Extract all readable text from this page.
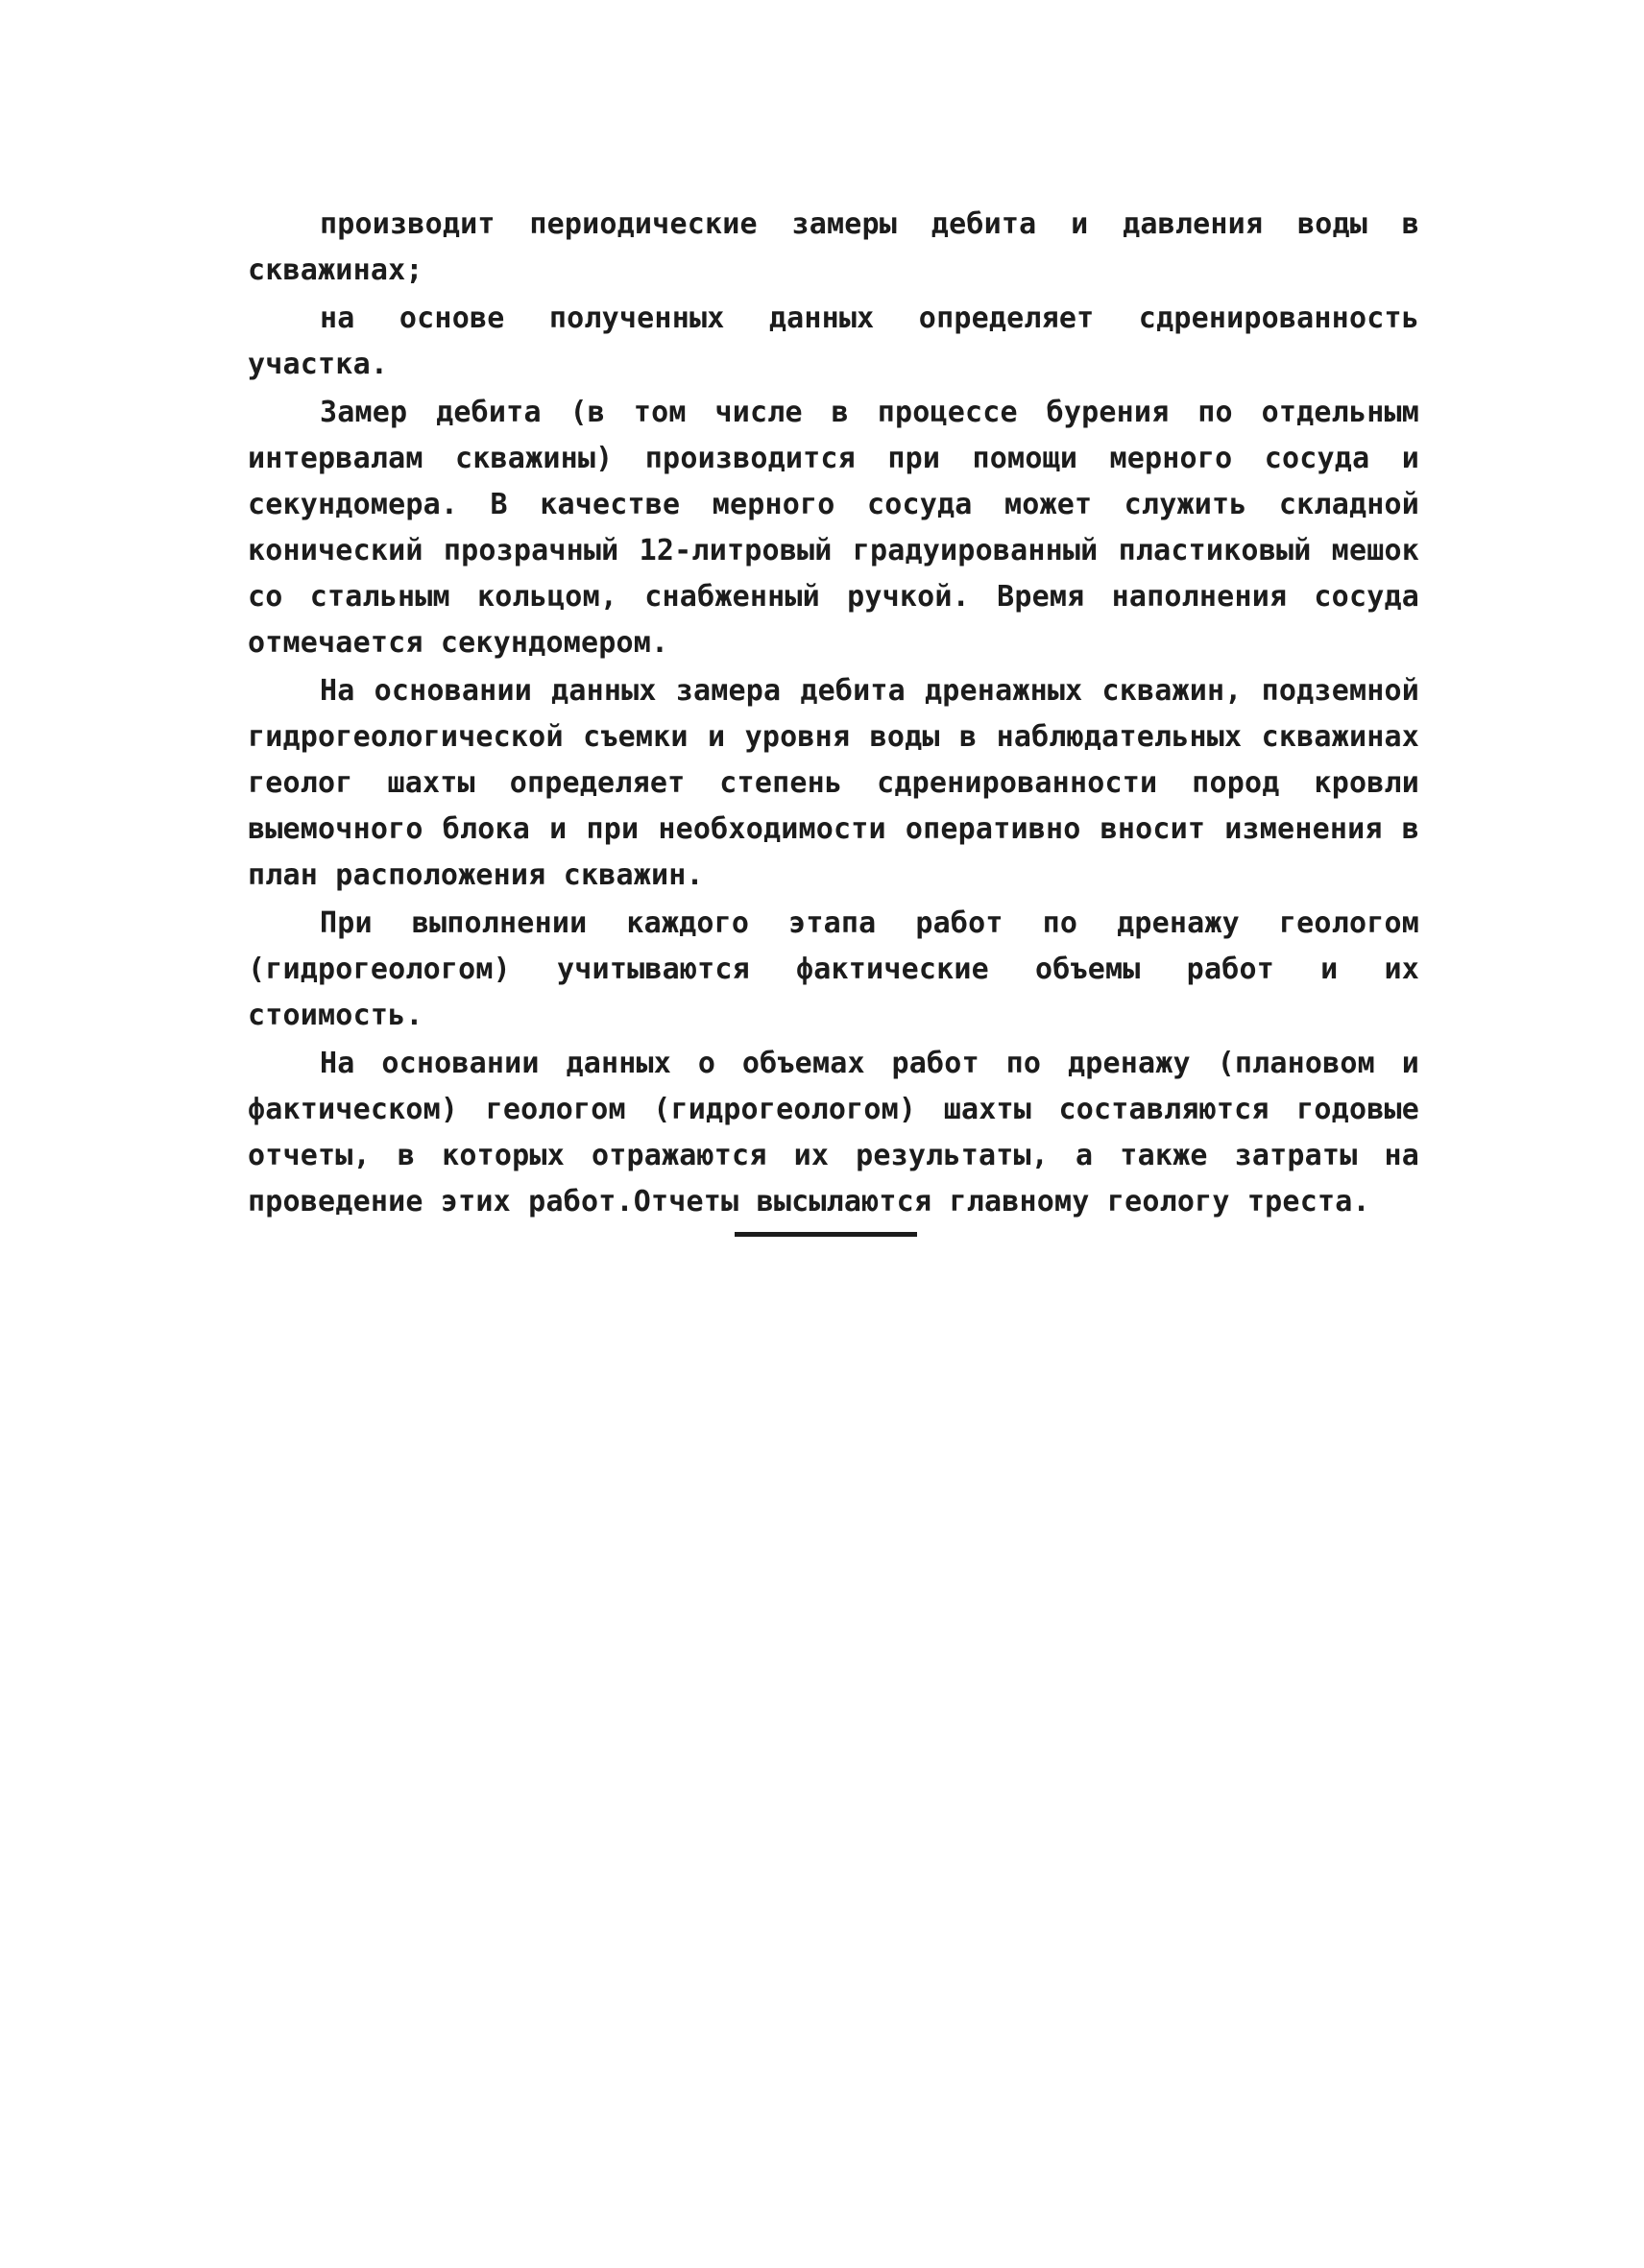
производит периодические замеры дебита и давления воды в скважинах;

на основе полученных данных определяет сдренированность участка.

Замер дебита (в том числе в процессе бурения по отдельным интервалам скважины) производится при помощи мерного сосуда и секундомера. В качестве мерного сосуда может служить складной конический прозрачный 12-литровый градуированный пластиковый мешок со стальным кольцом, снабженный ручкой. Время наполнения сосуда отмечается секундомером.

На основании данных замера дебита дренажных скважин, подземной гидрогеологической съемки и уровня воды в наблюдательных скважинах геолог шахты определяет степень сдренированности пород кровли выемочного блока и при необходимости оперативно вносит изменения в план расположения скважин.

При выполнении каждого этапа работ по дренажу геологом (гидрогеологом) учитываются фактические объемы работ и их стоимость.

На основании данных о объемах работ по дренажу (плановом и фактическом) геологом (гидрогеологом) шахты составляются годовые отчеты, в которых отражаются их результаты, а также затраты на проведение этих работ.Отчеты высылаются главному геологу треста.
